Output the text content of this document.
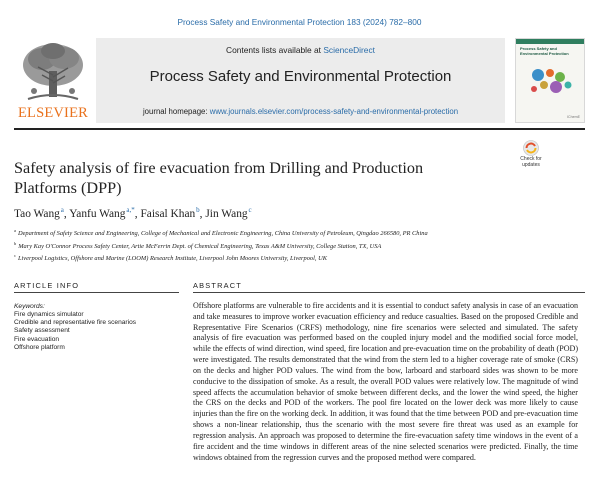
Process Safety and Environmental Protection 183 (2024) 782–800
ELSEVIER
Contents lists available at ScienceDirect
Process Safety and Environmental Protection
journal homepage: www.journals.elsevier.com/process-safety-and-environmental-protection
Process Safety and Environmental Protection
IChemE
Safety analysis of fire evacuation from Drilling and Production Platforms (DPP)
Check for
updates
Tao Wang $^a$, Yanfu Wang $^{a,*}$, Faisal Khan $^b$, Jin Wang $^c$
$^a$ Department of Safety Science and Engineering, College of Mechanical and Electronic Engineering, China University of Petroleum, Qingdao 266580, PR China
$^b$ Mary Kay O'Connor Process Safety Center, Artie McFerrin Dept. of Chemical Engineering, Texas A&M University, College Station, TX, USA
$^c$ Liverpool Logistics, Offshore and Marine (LOOM) Research Institute, Liverpool John Moores University, Liverpool, UK
ARTICLE INFO	ABSTRACT
Keywords:
Fire dynamics simulator
Credible and representative fire scenarios
Safety assessment
Fire evacuation
Offshore platform

Offshore platforms are vulnerable to fire accidents and it is essential to conduct safety analysis in case of an evacuation and take measures to improve worker evacuation efficiency and reduce casualties. Based on the proposed Credible and Representative Fire Scenarios (CRFS) methodology, nine fire scenarios were selected and simulated. The safety analysis of fire evacuation was performed based on the coupled injury model and the modified social force model, while the effects of wind direction, wind speed, fire location and pre-evacuation time on the probability of death (POD) were investigated. The results demonstrated that the wind from the stern led to a higher coverage rate of smoke (CRS) on the decks and higher POD values. The wind from the bow, larboard and starboard sides was shown to be more conducive to the dissipation of smoke. As a result, the overall POD values were relatively low. The magnitude of wind speed affects the accumulation behavior of smoke between different decks, and the lower the wind speed, the higher the CRS on the decks and POD of the workers. The pool fire located on the lower deck was more likely to cause injuries than the fire on the working deck. In addition, it was found that the time between POD and pre-evacuation time shows a non-linear relationship, thus the scenario with the most severe fire threat was used as an example for regression analysis. An approach was proposed to determine the fire-evacuation safety time windows in the event of a fire accident and the time windows in different areas of the nine selected scenarios were predicted. Finally, the time windows obtained from the regression curves and the proposed method were compared.
